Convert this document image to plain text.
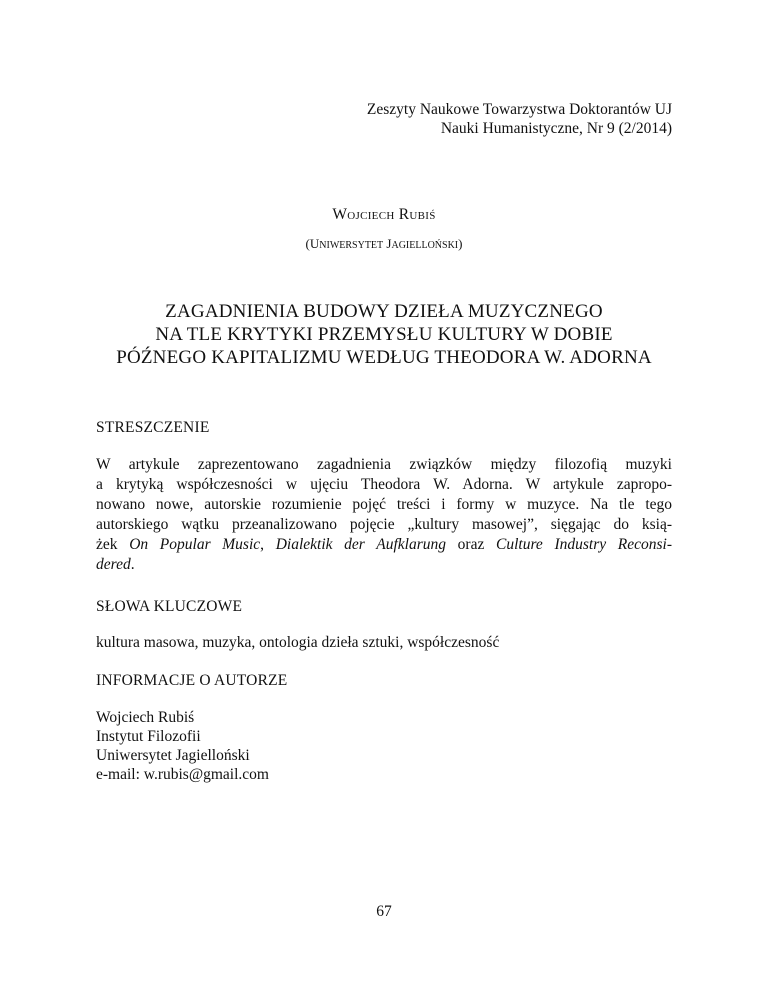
Zeszyty Naukowe Towarzystwa Doktorantów UJ
Nauki Humanistyczne, Nr 9 (2/2014)
WOJCIECH RUBIŚ
(UNIWERSYTET JAGIELLOŃSKI)
ZAGADNIENIA BUDOWY DZIEŁA MUZYCZNEGO
NA TLE KRYTYKI PRZEMYSŁU KULTURY W DOBIE
PÓŹNEGO KAPITALIZMU WEDŁUG THEODORA W. ADORNA
STRESZCZENIE
W artykule zaprezentowano zagadnienia związków między filozofią muzyki
a krytyką współczesności w ujęciu Theodora W. Adorna. W artykule zapropo-
nowano nowe, autorskie rozumienie pojęć treści i formy w muzyce. Na tle tego
autorskiego wątku przeanalizowano pojęcie „kultury masowej”, sięgając do ksią-
żek On Popular Music, Dialektik der Aufklarung oraz Culture Industry Reconsi-
dered.
SŁOWA KLUCZOWE
kultura masowa, muzyka, ontologia dzieła sztuki, współczesność
INFORMACJE O AUTORZE
Wojciech Rubiś
Instytut Filozofii
Uniwersytet Jagielloński
e-mail: w.rubis@gmail.com
67
